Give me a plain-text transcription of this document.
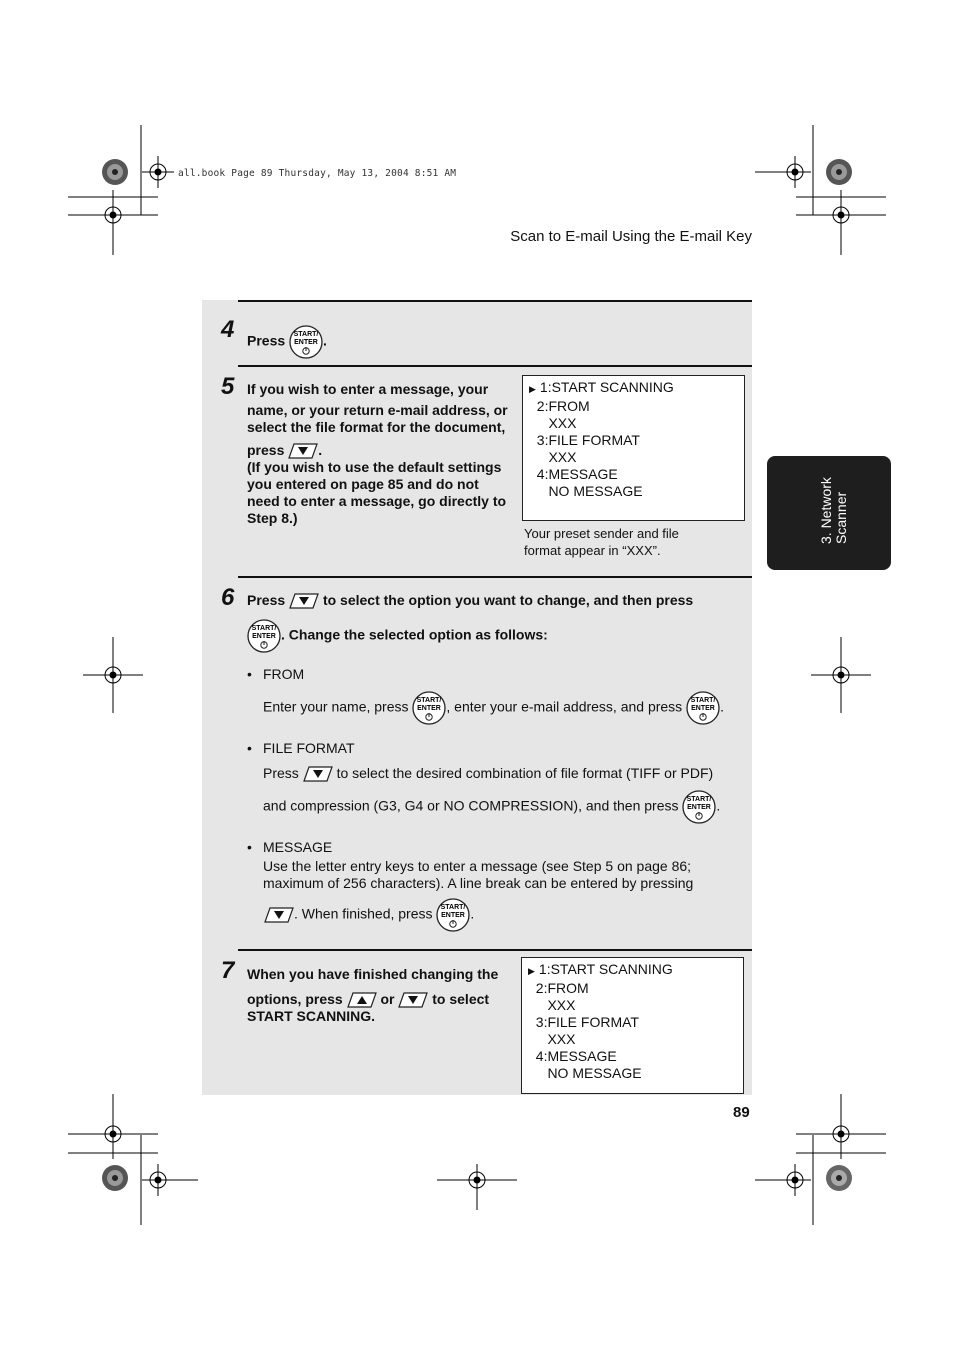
all.book Page 89 Thursday, May 13, 2004 8:51 AM
Scan to E-mail Using the E-mail Key
3. Network Scanner
4 Press START/
ENTER .
5 If you wish to enter a message, your
name, or your return e-mail address, or
select the file format for the document,
press .
(If you wish to use the default settings
you entered on page 85 and do not
need to enter a message, go directly to
Step 8.)
▶ 1:START SCANNING
2:FROM
XXX
3:FILE FORMAT
XXX
4:MESSAGE
NO MESSAGE
Your preset sender and file
format appear in “XXX”.
6 Press	to select the option you want to change, and then press
START/
ENTER . Change the selected option as follows:
• FROM
Enter your name, press START/
ENTER , enter your e-mail address, and press START/
ENTER .
• FILE FORMAT
Press	to select the desired combination of file format (TIFF or PDF)
and compression (G3, G4 or NO COMPRESSION), and then press START/
ENTER .
• MESSAGE
Use the letter entry keys to enter a message (see Step 5 on page 86;
maximum of 256 characters). A line break can be entered by pressing
. When finished, press START/
ENTER .
7 When you have finished changing the
options, press	or	to select
START SCANNING.
▶ 1:START SCANNING
2:FROM
XXX
3:FILE FORMAT
XXX
4:MESSAGE
NO MESSAGE
89
